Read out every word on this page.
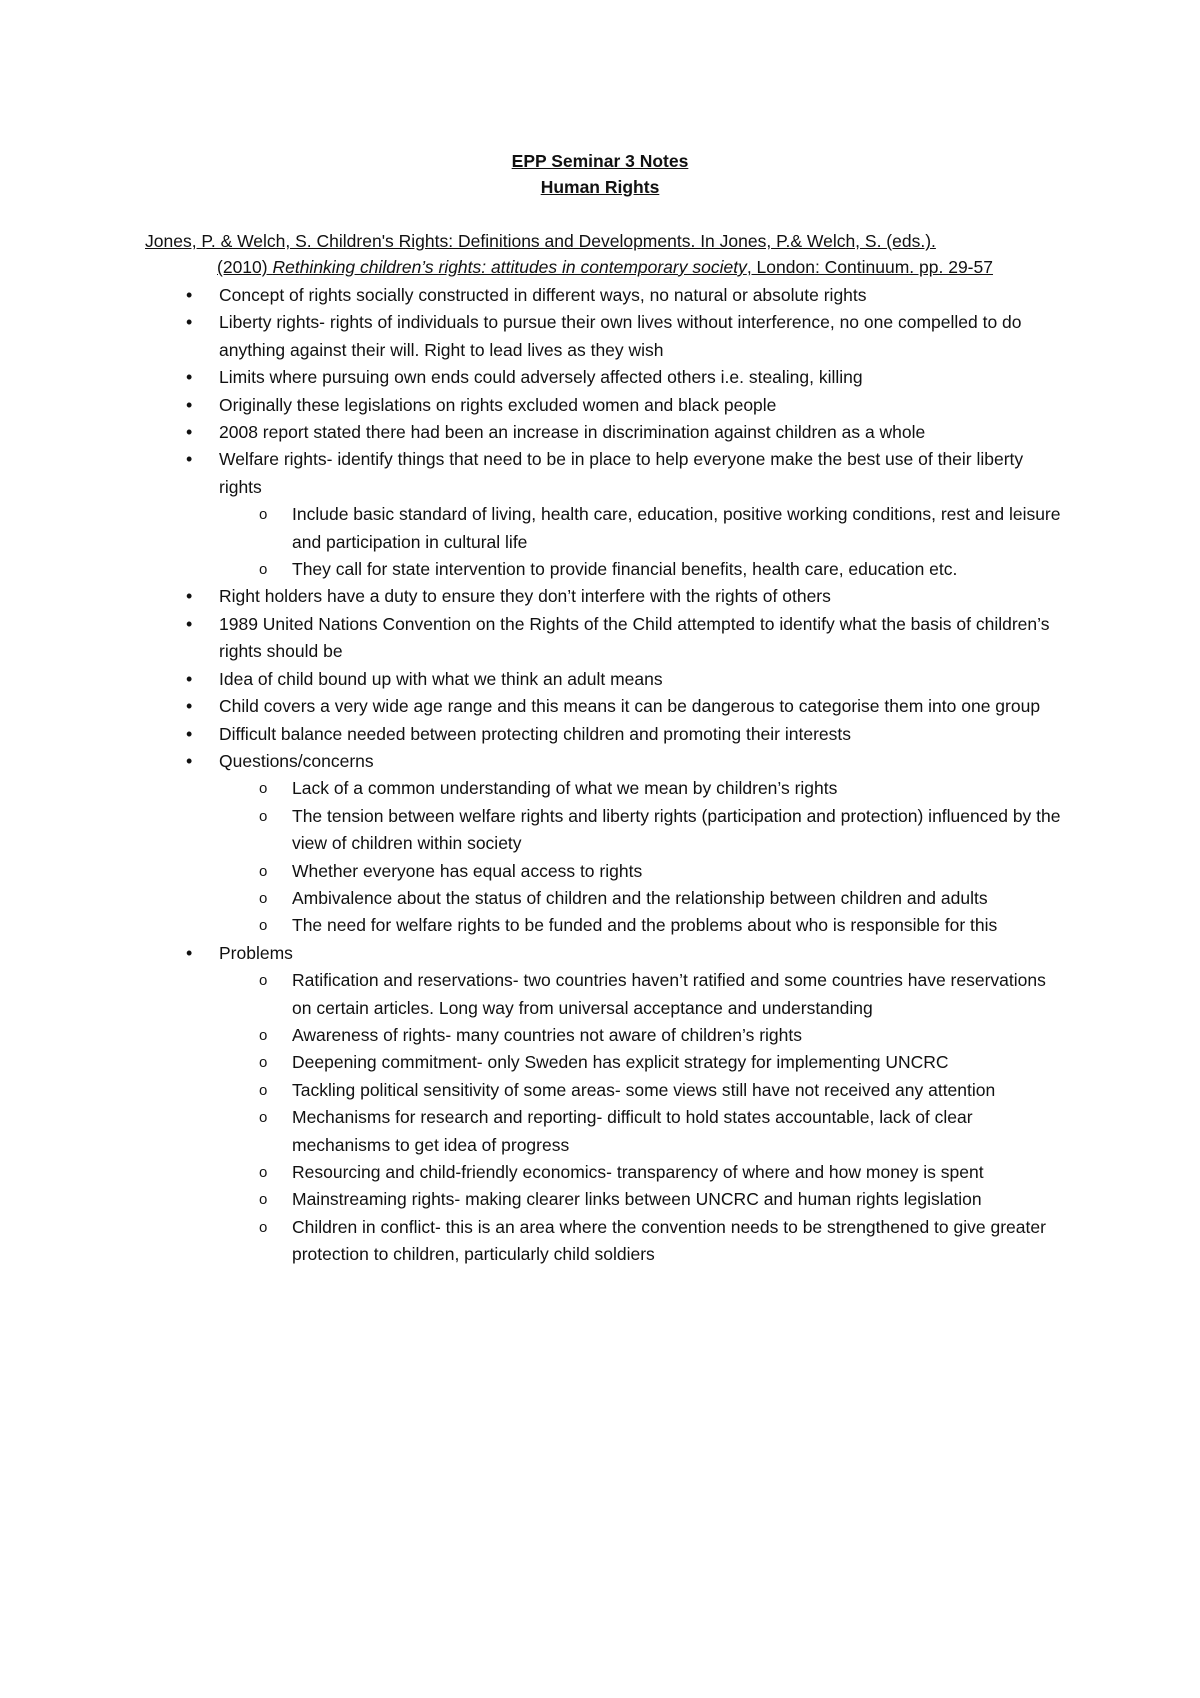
EPP Seminar 3 Notes
Human Rights
Jones, P. & Welch, S. Children's Rights: Definitions and Developments. In Jones, P.& Welch, S. (eds.).
(2010) Rethinking children’s rights: attitudes in contemporary society, London: Continuum. pp. 29-57
• Concept of rights socially constructed in different ways, no natural or absolute rights
• Liberty rights- rights of individuals to pursue their own lives without interference, no one compelled to do anything against their will. Right to lead lives as they wish
• Limits where pursuing own ends could adversely affected others i.e. stealing, killing
• Originally these legislations on rights excluded women and black people
• 2008 report stated there had been an increase in discrimination against children as a whole
• Welfare rights- identify things that need to be in place to help everyone make the best use of their liberty rights
o Include basic standard of living, health care, education, positive working conditions, rest and leisure and participation in cultural life
o They call for state intervention to provide financial benefits, health care, education etc.
• Right holders have a duty to ensure they don’t interfere with the rights of others
• 1989 United Nations Convention on the Rights of the Child attempted to identify what the basis of children’s rights should be
• Idea of child bound up with what we think an adult means
• Child covers a very wide age range and this means it can be dangerous to categorise them into one group
• Difficult balance needed between protecting children and promoting their interests
• Questions/concerns
o Lack of a common understanding of what we mean by children’s rights
o The tension between welfare rights and liberty rights (participation and protection) influenced by the view of children within society
o Whether everyone has equal access to rights
o Ambivalence about the status of children and the relationship between children and adults
o The need for welfare rights to be funded and the problems about who is responsible for this
• Problems
o Ratification and reservations- two countries haven’t ratified and some countries have reservations on certain articles. Long way from universal acceptance and understanding
o Awareness of rights- many countries not aware of children’s rights
o Deepening commitment- only Sweden has explicit strategy for implementing UNCRC
o Tackling political sensitivity of some areas- some views still have not received any attention
o Mechanisms for research and reporting- difficult to hold states accountable, lack of clear mechanisms to get idea of progress
o Resourcing and child-friendly economics- transparency of where and how money is spent
o Mainstreaming rights- making clearer links between UNCRC and human rights legislation
o Children in conflict- this is an area where the convention needs to be strengthened to give greater protection to children, particularly child soldiers
